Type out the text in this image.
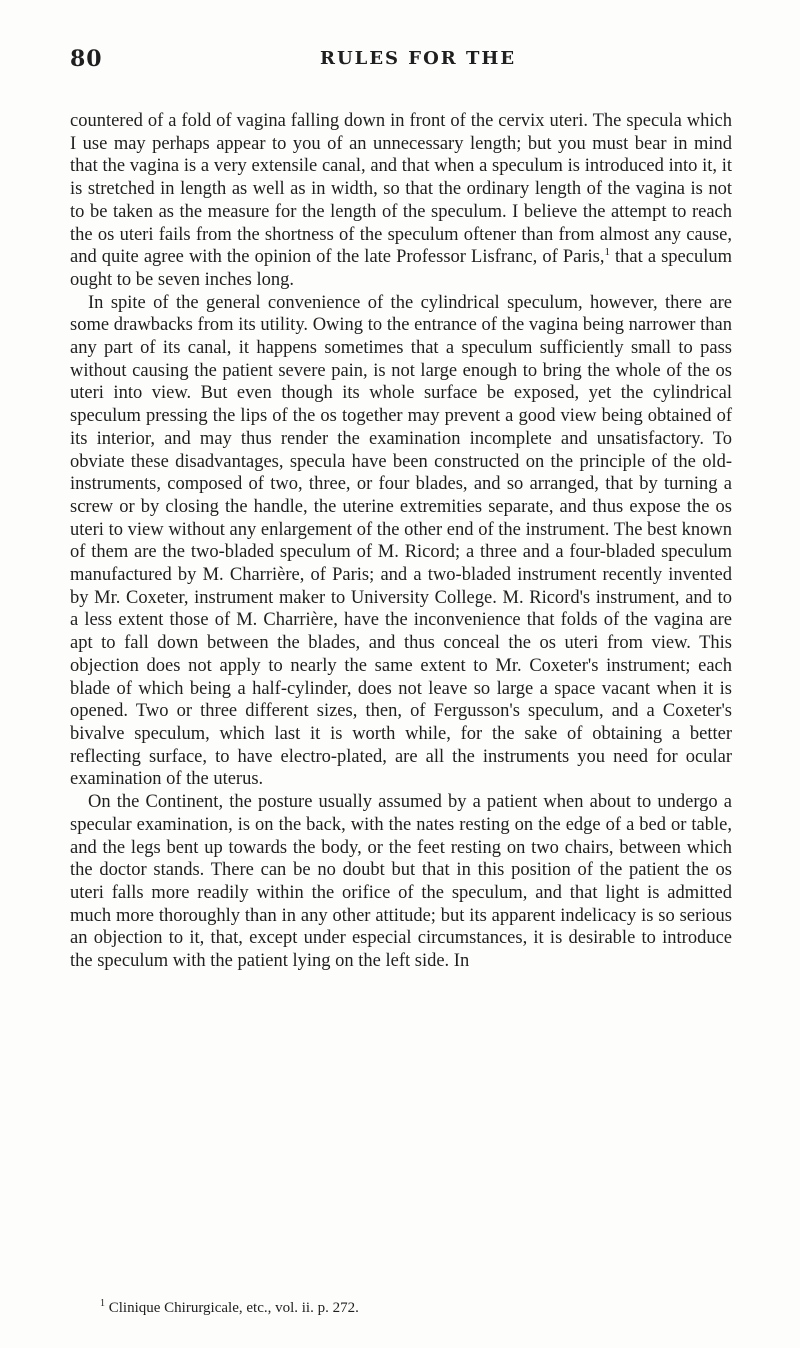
80	RULES FOR THE

countered of a fold of vagina falling down in front of the cervix uteri. The specula which I use may perhaps appear to you of an unnecessary length; but you must bear in mind that the vagina is a very extensile canal, and that when a speculum is introduced into it, it is stretched in length as well as in width, so that the ordinary length of the vagina is not to be taken as the measure for the length of the speculum. I believe the attempt to reach the os uteri fails from the shortness of the speculum oftener than from almost any cause, and quite agree with the opinion of the late Professor Lisfranc, of Paris,$^1$ that a speculum ought to be seven inches long.

In spite of the general convenience of the cylindrical speculum, however, there are some drawbacks from its utility. Owing to the entrance of the vagina being narrower than any part of its canal, it happens sometimes that a speculum sufficiently small to pass without causing the patient severe pain, is not large enough to bring the whole of the os uteri into view. But even though its whole surface be exposed, yet the cylindrical speculum pressing the lips of the os together may prevent a good view being obtained of its interior, and may thus render the examination incomplete and unsatisfactory. To obviate these disadvantages, specula have been constructed on the principle of the old- instruments, composed of two, three, or four blades, and so arranged, that by turning a screw or by closing the handle, the uterine extremities separate, and thus expose the os uteri to view without any enlargement of the other end of the instrument. The best known of them are the two-bladed speculum of M. Ricord; a three and a four-bladed speculum manufactured by M. Charrière, of Paris; and a two-bladed instrument recently invented by Mr. Coxeter, instrument maker to University College. M. Ricord's instrument, and to a less extent those of M. Charrière, have the inconvenience that folds of the vagina are apt to fall down between the blades, and thus conceal the os uteri from view. This objection does not apply to nearly the same extent to Mr. Coxeter's instrument; each blade of which being a half-cylinder, does not leave so large a space vacant when it is opened. Two or three different sizes, then, of Fergusson's speculum, and a Coxeter's bivalve speculum, which last it is worth while, for the sake of obtaining a better reflecting surface, to have electro-plated, are all the instruments you need for ocular examination of the uterus.

On the Continent, the posture usually assumed by a patient when about to undergo a specular examination, is on the back, with the nates resting on the edge of a bed or table, and the legs bent up towards the body, or the feet resting on two chairs, between which the doctor stands. There can be no doubt but that in this position of the patient the os uteri falls more readily within the orifice of the speculum, and that light is admitted much more thoroughly than in any other attitude; but its apparent indelicacy is so serious an objection to it, that, except under especial circumstances, it is desirable to introduce the speculum with the patient lying on the left side. In

$^1$ Clinique Chirurgicale, etc., vol. ii. p. 272.
